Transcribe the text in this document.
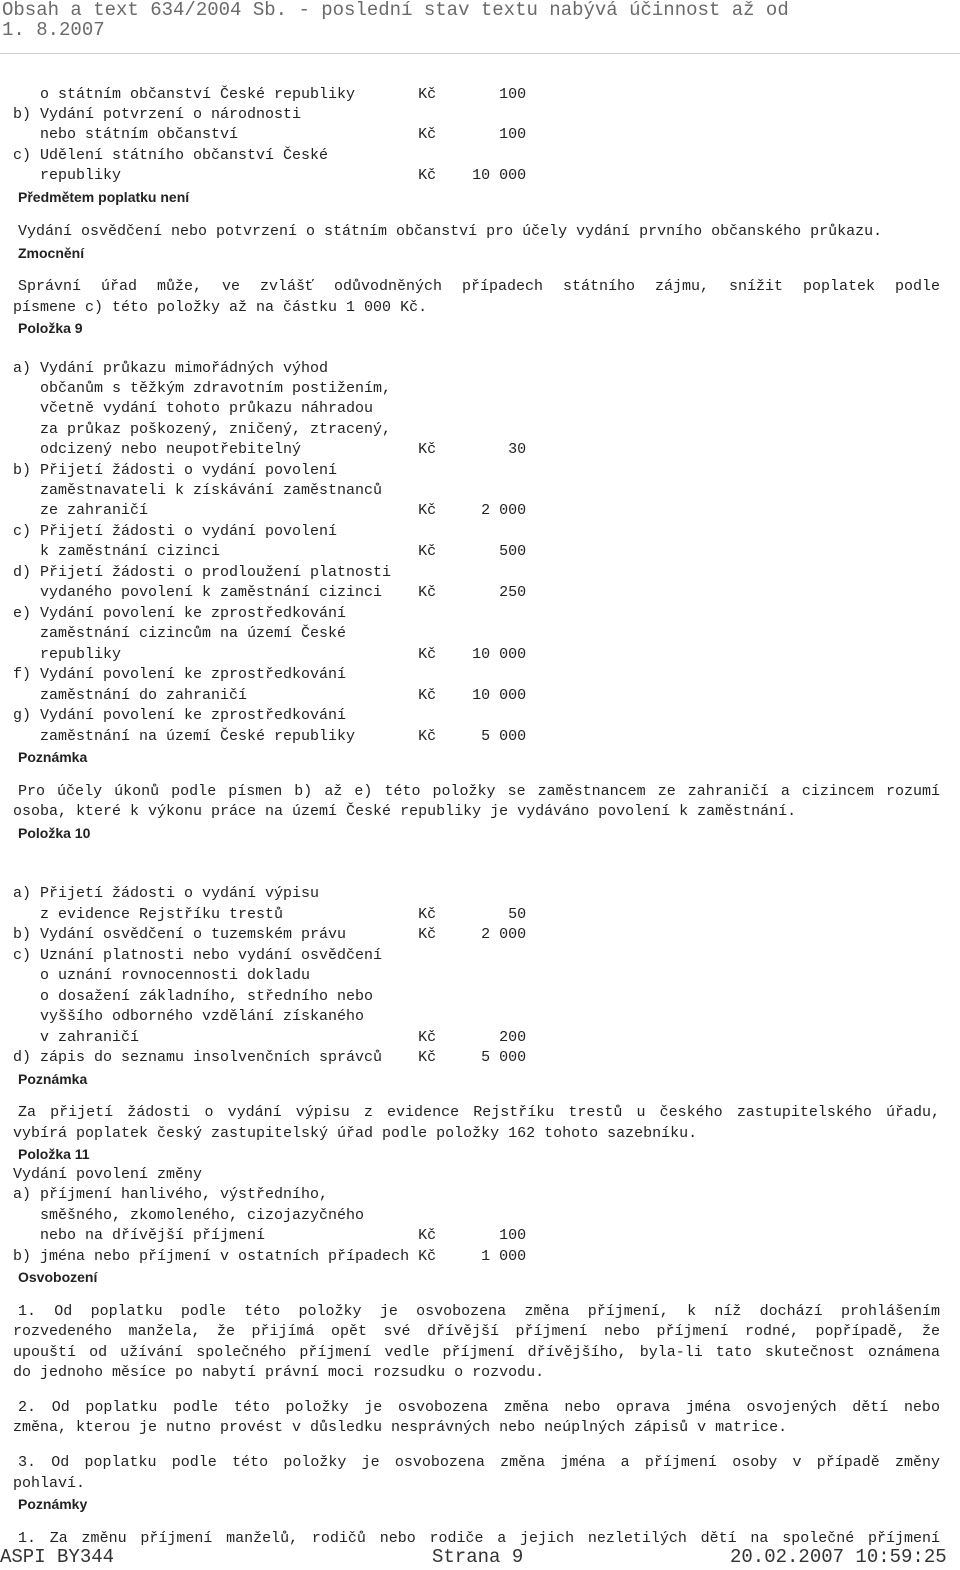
Obsah a text 634/2004 Sb. - poslední stav textu nabývá účinnost až od
1. 8.2007
o státním občanství České republiky       Kč       100
b) Vydání potvrzení o národnosti
nebo státním občanství                    Kč       100
c) Udělení státního občanství České
republiky                                 Kč    10 000
Předmětem poplatku není
Vydání osvědčení nebo potvrzení o státním občanství pro účely vydání prvního občanského průkazu.
Zmocnění
Správní úřad může, ve zvlášť odůvodněných případech státního zájmu, snížit poplatek podle
písmene c) této položky až na částku 1 000 Kč.
Položka 9
a) Vydání průkazu mimořádných výhod
občanům s těžkým zdravotním postižením,
včetně vydání tohoto průkazu náhradou
za průkaz poškozený, zničený, ztracený,
odcizený nebo neupotřebitelný             Kč        30
b) Přijetí žádosti o vydání povolení
zaměstnavateli k získávání zaměstnanců
ze zahraničí                              Kč     2 000
c) Přijetí žádosti o vydání povolení
k zaměstnání cizinci                      Kč       500
d) Přijetí žádosti o prodloužení platnosti
vydaného povolení k zaměstnání cizinci    Kč       250
e) Vydání povolení ke zprostředkování
zaměstnání cizincům na území České
republiky                                 Kč    10 000
f) Vydání povolení ke zprostředkování
zaměstnání do zahraničí                   Kč    10 000
g) Vydání povolení ke zprostředkování
zaměstnání na území České republiky       Kč     5 000
Poznámka
Pro účely úkonů podle písmen b) až e) této položky se zaměstnancem ze zahraničí a cizincem rozumí
osoba, které k výkonu práce na území České republiky je vydáváno povolení k zaměstnání.
Položka 10
a) Přijetí žádosti o vydání výpisu
z evidence Rejstříku trestů               Kč        50
b) Vydání osvědčení o tuzemském právu        Kč     2 000
c) Uznání platnosti nebo vydání osvědčení
o uznání rovnocennosti dokladu
o dosažení základního, středního nebo
vyššího odborného vzdělání získaného
v zahraničí                               Kč       200
d) zápis do seznamu insolvenčních správců    Kč     5 000
Poznámka
Za přijetí žádosti o vydání výpisu z evidence Rejstříku trestů u českého zastupitelského úřadu,
vybírá poplatek český zastupitelský úřad podle položky 162 tohoto sazebníku.
Položka 11
Vydání povolení změny
a) příjmení hanlivého, výstředního,
směšného, zkomoleného, cizojazyčného
nebo na dřívější příjmení                 Kč       100
b) jména nebo příjmení v ostatních případech Kč     1 000
Osvobození
1. Od poplatku podle této položky je osvobozena změna příjmení, k níž dochází prohlášením
rozvedeného manžela, že přijímá opět své dřívější příjmení nebo příjmení rodné, popřípadě, že
upouští od užívání společného příjmení vedle příjmení dřívějšího, byla-li tato skutečnost oznámena
do jednoho měsíce po nabytí právní moci rozsudku o rozvodu.
2. Od poplatku podle této položky je osvobozena změna nebo oprava jména osvojených dětí nebo
změna, kterou je nutno provést v důsledku nesprávných nebo neúplných zápisů v matrice.
3. Od poplatku podle této položky je osvobozena změna jména a příjmení osoby v případě změny
pohlaví.
Poznámky
1. Za změnu příjmení manželů, rodičů nebo rodiče a jejich nezletilých dětí na společné příjmení
ASPI BY344	Strana 9	20.02.2007 10:59:25
